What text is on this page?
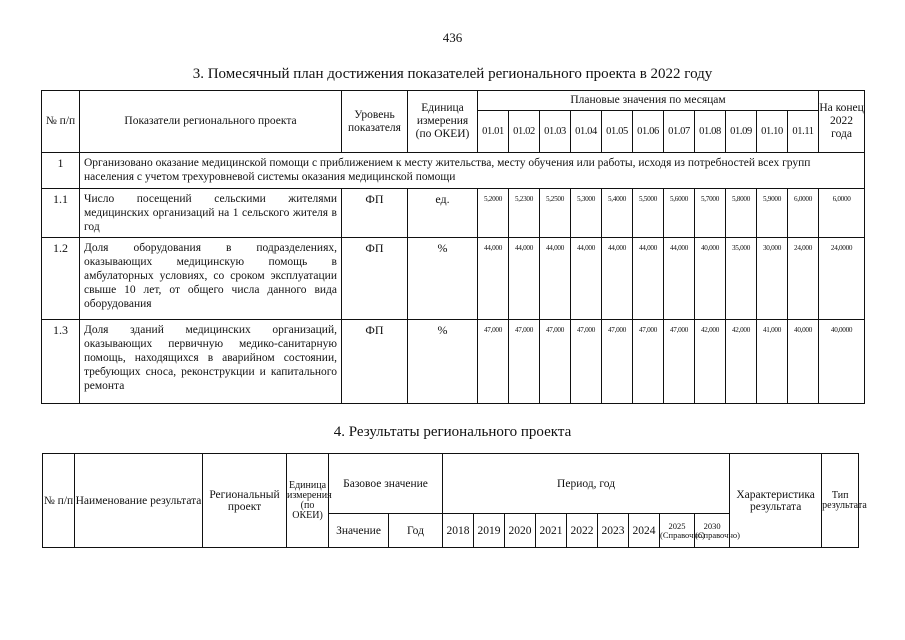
436
3. Помесячный план достижения показателей регионального проекта в 2022 году
№ п/п	Показатели регионального проекта	Уровень показателя	Единица измерения (по ОКЕИ)	Плановые значения по месяцам											На конец 2022 года
				01.01	01.02	01.03	01.04	01.05	01.06	01.07	01.08	01.09	01.10	01.11	
1	Организовано оказание медицинской помощи с приближением к месту жительства, месту обучения или работы, исходя из потребностей всех групп населения с учетом трехуровневой системы оказания медицинской помощи														
1.1	Число посещений сельскими жителями медицинских организаций на 1 сельского жителя в год	ФП	ед.	5,2000	5,2300	5,2500	5,3000	5,4000	5,5000	5,6000	5,7000	5,8000	5,9000	6,0000	6,0000
1.2	Доля оборудования в подразделениях, оказывающих медицинскую помощь в амбулаторных условиях, со сроком эксплуатации свыше 10 лет, от общего числа данного вида оборудования	ФП	%	44,000	44,000	44,000	44,000	44,000	44,000	44,000	40,000	35,000	30,000	24,000	24,0000
1.3	Доля зданий медицинских организаций, оказывающих первичную медико-санитарную помощь, находящихся в аварийном состоянии, требующих сноса, реконструкции и капитального ремонта	ФП	%	47,000	47,000	47,000	47,000	47,000	47,000	47,000	42,000	42,000	41,000	40,000	40,0000
4. Результаты регионального проекта
№ п/п	Наименование результата	Региональный проект	Единица измерения (по ОКЕИ)	Базовое значение		Период, год									Характеристика результата	Тип результата
				Значение	Год	2018	2019	2020	2021	2022	2023	2024	2025 (Справочно)	2030 (Справочно)		
